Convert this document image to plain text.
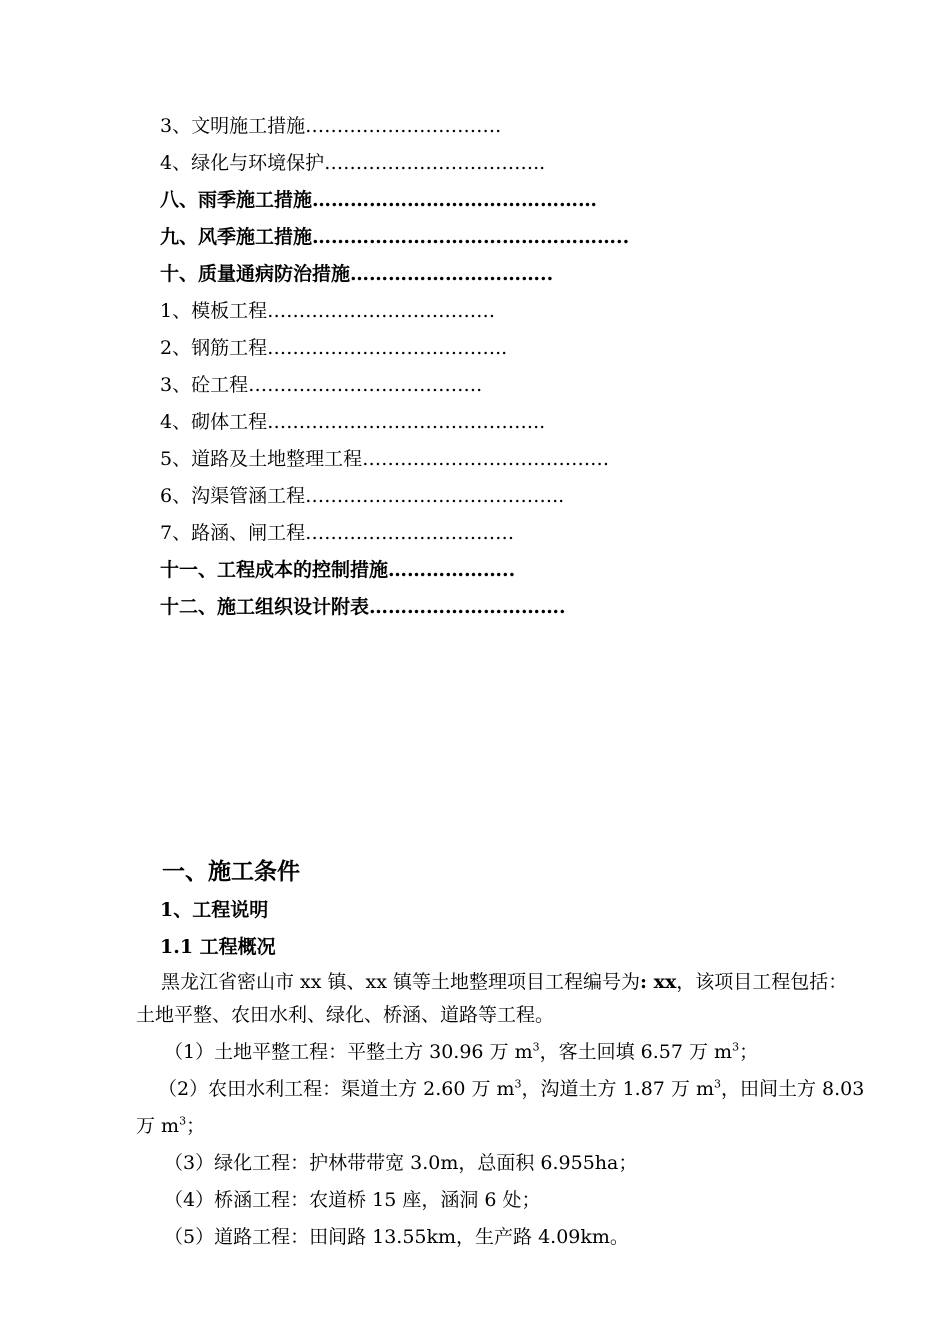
3、文明施工措施………………………….
4、绿化与环境保护……………………………..
八、雨季施工措施………………………………………
九、风季施工措施…………………………………………..
十、质量通病防治措施…………………………..
1、模板工程………………………………
2、钢筋工程………………………………..
3、砼工程……………………………….
4、砌体工程……………………………………..
5、道路及土地整理工程…………………………………
6、沟渠管涵工程…………………………………..
7、路涵、闸工程……………………………
十一、工程成本的控制措施………………..
十二、施工组织设计附表………………………….
一、施工条件
1、工程说明
1.1 工程概况
黑龙江省密山市 xx 镇、xx 镇等土地整理项目工程编号为: xx，该项目工程包括：土地平整、农田水利、绿化、桥涵、道路等工程。
（1）土地平整工程：平整土方 30.96 万 $m^3$，客土回填 6.57 万 $m^3$；
（2）农田水利工程：渠道土方 2.60 万 $m^3$，沟道土方 1.87 万 $m^3$，田间土方 8.03 万 $m^3$；
（3）绿化工程：护林带带宽 3.0m，总面积 6.955ha；
（4）桥涵工程：农道桥 15 座，涵洞 6 处；
（5）道路工程：田间路 13.55km，生产路 4.09km。
